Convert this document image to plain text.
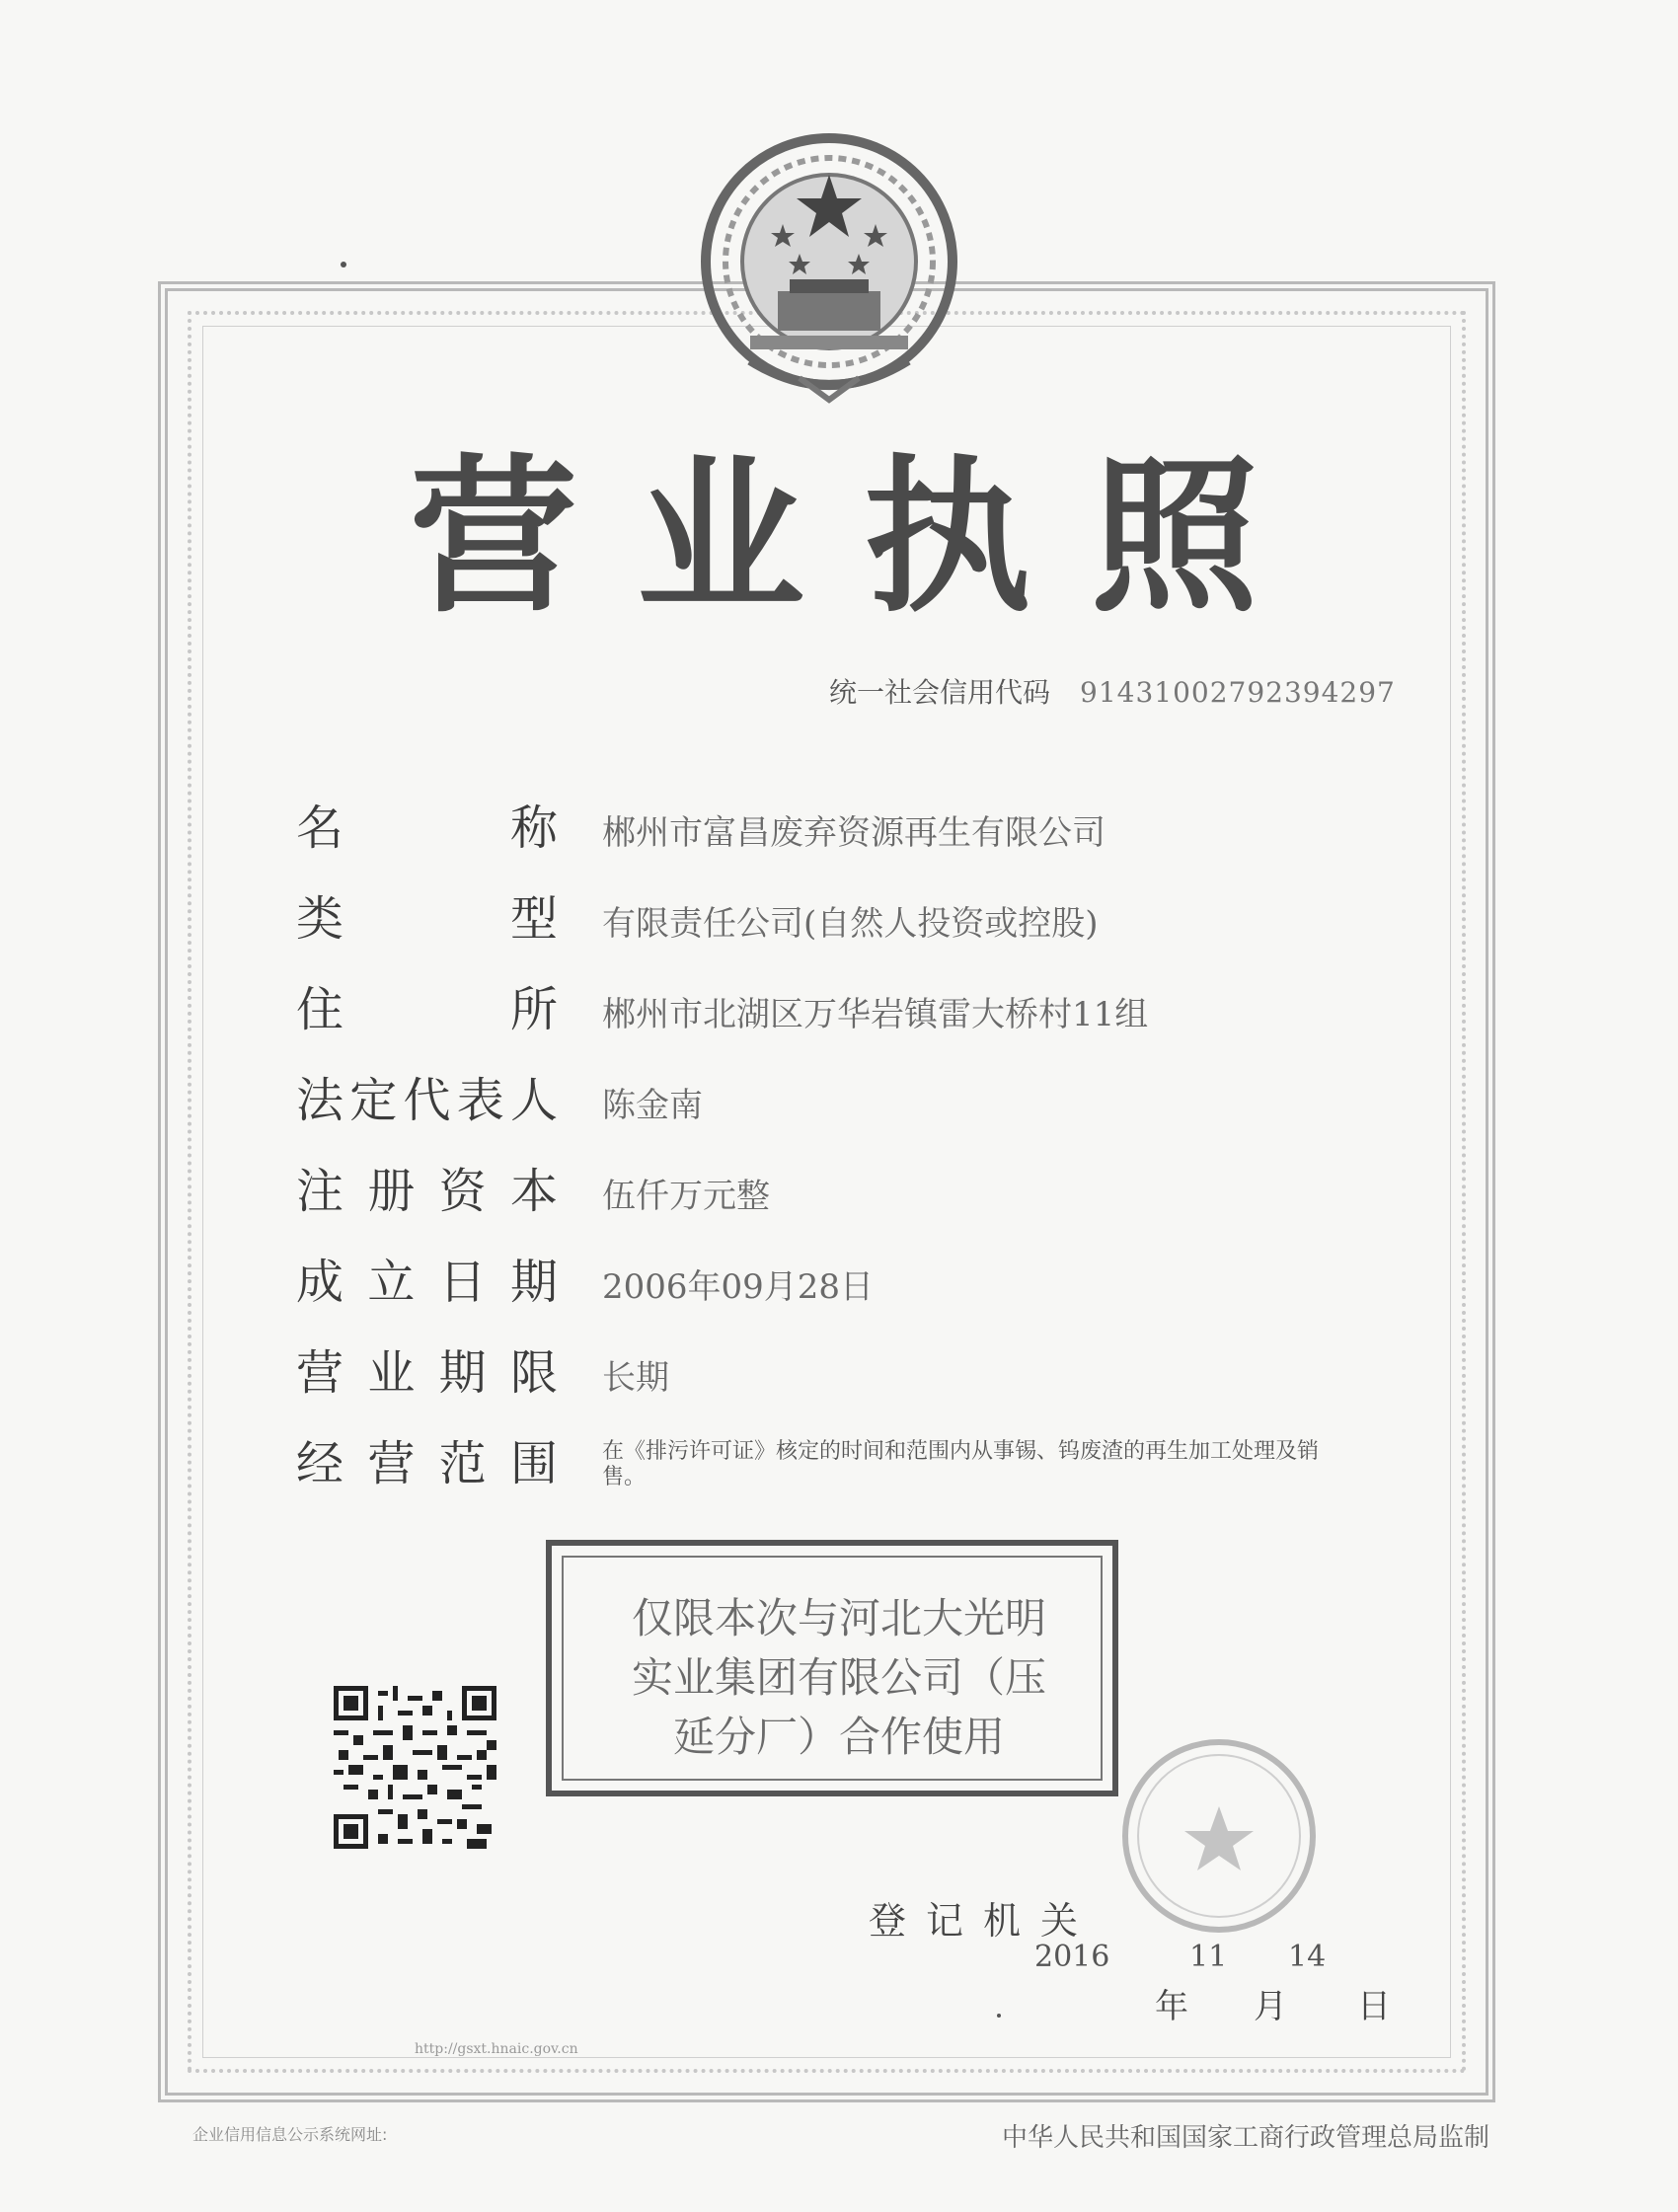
营 业 执 照
统一社会信用代码 91431002792394297
名	称 郴州市富昌废弃资源再生有限公司
类	型 有限责任公司(自然人投资或控股)
住	所 郴州市北湖区万华岩镇雷大桥村11组
法 定 代 表 人 陈金南
注 册 资 本 伍仟万元整
成 立 日 期 2006年09月28日
营 业 期 限 长期
经 营 范 围 在《排污许可证》核定的时间和范围内从事锡、钨废渣的再生加工处理及销售。
仅限本次与河北大光明
实业集团有限公司（压
延分厂）合作使用
登记机关
2016	11 14
年 月 日
http://gsxt.hnaic.gov.cn
企业信用信息公示系统网址:	中华人民共和国国家工商行政管理总局监制
